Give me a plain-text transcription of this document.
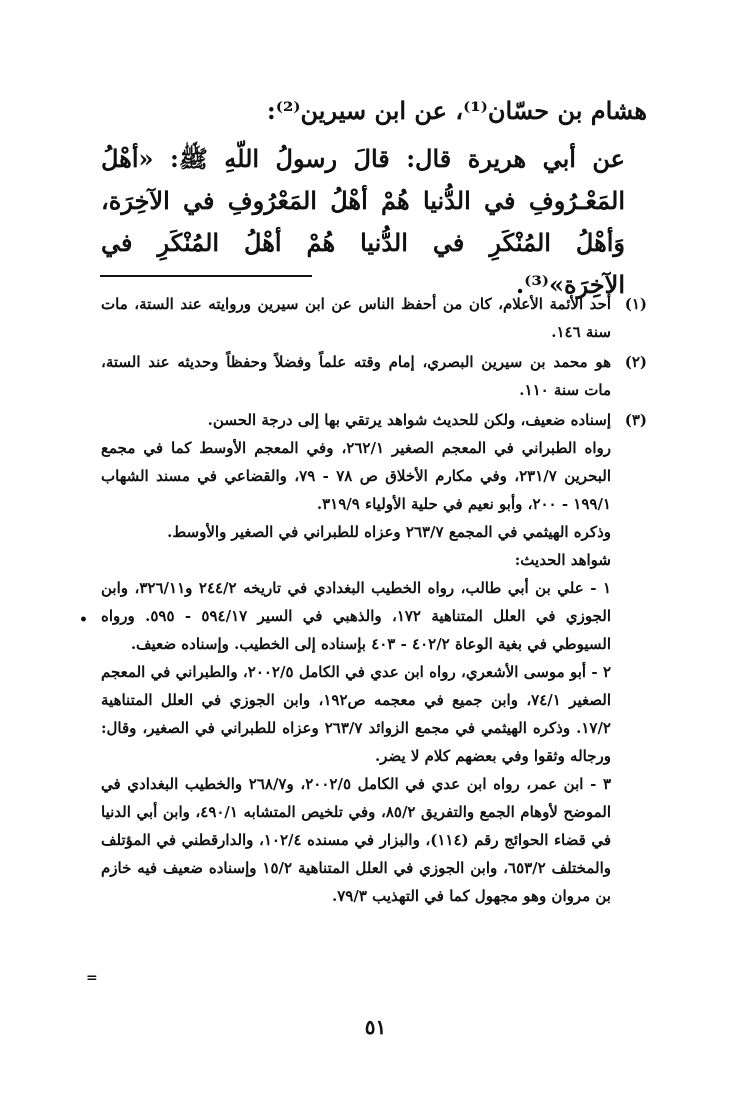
هشام بن حسّان⁽¹⁾، عن ابن سيرين⁽²⁾:

عن أبي هريرة قال: قالَ رسولُ اللّهِ ﷺ: «أهْلُ المَعْـرُوفِ في الدُّنيا هُمْ أهْلُ المَعْرُوفِ في الآخِرَة، وَأهْلُ المُنْكَرِ في الدُّنيا هُمْ أهْلُ المُنْكَرِ في الآخِرَة»⁽³⁾.

(١)

أحد الأئمة الأعلام، كان من أحفظ الناس عن ابن سيرين وروايته عند الستة، مات سنة ١٤٦.

(٢)

هو محمد بن سيرين البصري، إمام وقته علماً وفضلاً وحفظاً وحديثه عند الستة، مات سنة ١١٠.

(٣)

إسناده ضعيف، ولكن للحديث شواهد يرتقي بها إلى درجة الحسن.

رواه الطبراني في المعجم الصغير ٢٦٢/١، وفي المعجم الأوسط كما في مجمع البحرين ٢٣١/٧، وفي مكارم الأخلاق ص ٧٨ - ٧٩، والقضاعي في مسند الشهاب ١٩٩/١ - ٢٠٠، وأبو نعيم في حلية الأولياء ٣١٩/٩.

وذكره الهيثمي في المجمع ٢٦٣/٧ وعزاه للطبراني في الصغير والأوسط.

شواهد الحديث:

١ - علي بن أبي طالب، رواه الخطيب البغدادي في تاريخه ٢٤٤/٢ و٣٢٦/١١، وابن الجوزي في العلل المتناهية ١٧٢، والذهبي في السير ٥٩٤/١٧ - ٥٩٥. ورواه السيوطي في بغية الوعاة ٤٠٢/٢ - ٤٠٣ بإسناده إلى الخطيب. وإسناده ضعيف.

٢ - أبو موسى الأشعري، رواه ابن عدي في الكامل ٢٠٠٢/٥، والطبراني في المعجم الصغير ٧٤/١، وابن جميع في معجمه ص١٩٢، وابن الجوزي في العلل المتناهية ١٧/٢. وذكره الهيثمي في مجمع الزوائد ٢٦٣/٧ وعزاه للطبراني في الصغير، وقال: ورجاله وثقوا وفي بعضهم كلام لا يضر.

٣ - ابن عمر، رواه ابن عدي في الكامل ٢٠٠٢/٥، و٢٦٨/٧ والخطيب البغدادي في الموضح لأوهام الجمع والتفريق ٨٥/٢، وفي تلخيص المتشابه ٤٩٠/١، وابن أبي الدنيا في قضاء الحوائج رقم (١١٤)، والبزار في مسنده ١٠٢/٤، والدارقطني في المؤتلف والمختلف ٦٥٣/٢، وابن الجوزي في العلل المتناهية ١٥/٢ وإسناده ضعيف فيه خازم بن مروان وهو مجهول كما في التهذيب ٧٩/٣.

•
=
٥١
